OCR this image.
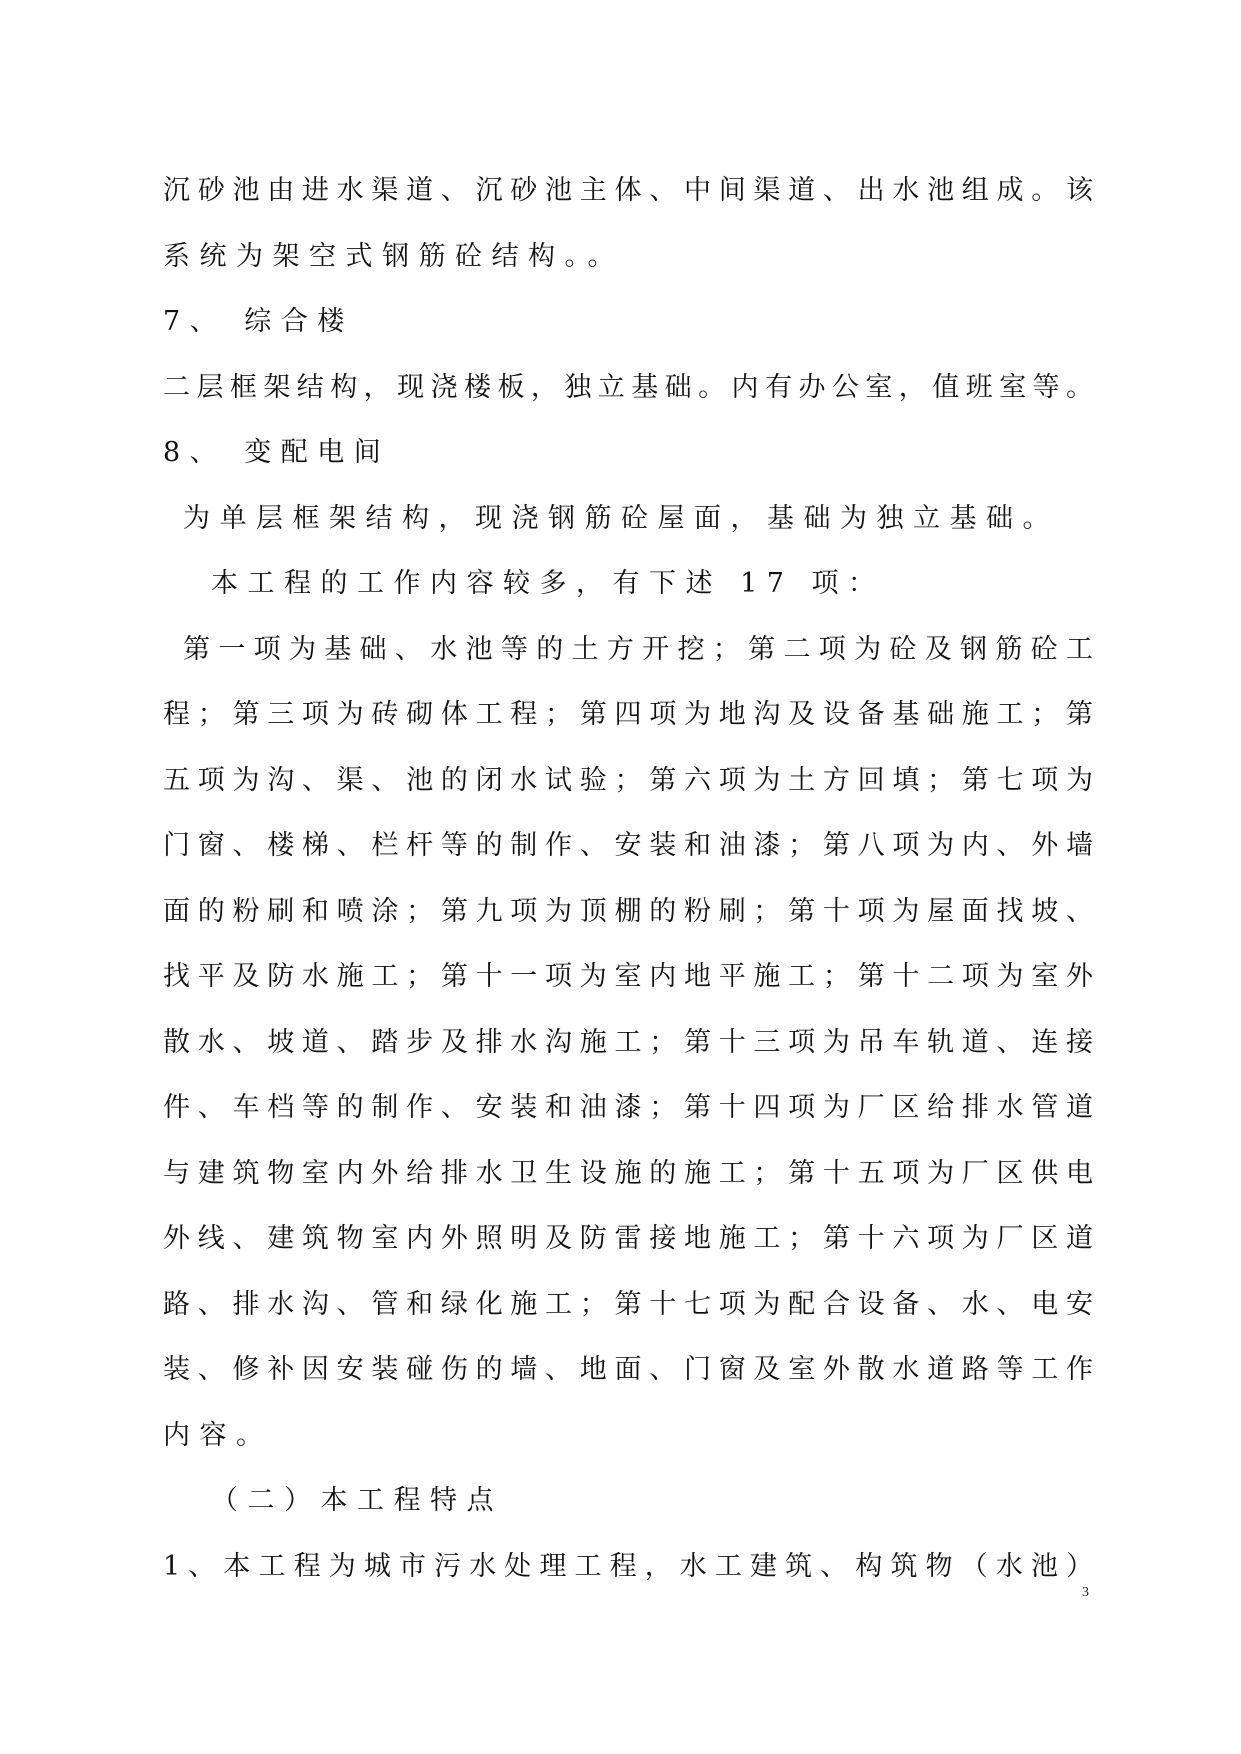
沉砂池由进水渠道、沉砂池主体、中间渠道、出水池组成。该
系统为架空式钢筋砼结构。。
7、 综合楼
二层框架结构，现浇楼板，独立基础。内有办公室，值班室等。
8、 变配电间
为单层框架结构，现浇钢筋砼屋面，基础为独立基础。
本工程的工作内容较多，有下述 17 项：
第一项为基础、水池等的土方开挖；第二项为砼及钢筋砼工
程；第三项为砖砌体工程；第四项为地沟及设备基础施工；第
五项为沟、渠、池的闭水试验；第六项为土方回填；第七项为
门窗、楼梯、栏杆等的制作、安装和油漆；第八项为内、外墙
面的粉刷和喷涂；第九项为顶棚的粉刷；第十项为屋面找坡、
找平及防水施工；第十一项为室内地平施工；第十二项为室外
散水、坡道、踏步及排水沟施工；第十三项为吊车轨道、连接
件、车档等的制作、安装和油漆；第十四项为厂区给排水管道
与建筑物室内外给排水卫生设施的施工；第十五项为厂区供电
外线、建筑物室内外照明及防雷接地施工；第十六项为厂区道
路、排水沟、管和绿化施工；第十七项为配合设备、水、电安
装、修补因安装碰伤的墙、地面、门窗及室外散水道路等工作
内容。
（二）本工程特点
1、本工程为城市污水处理工程，水工建筑、构筑物（水池）
3
